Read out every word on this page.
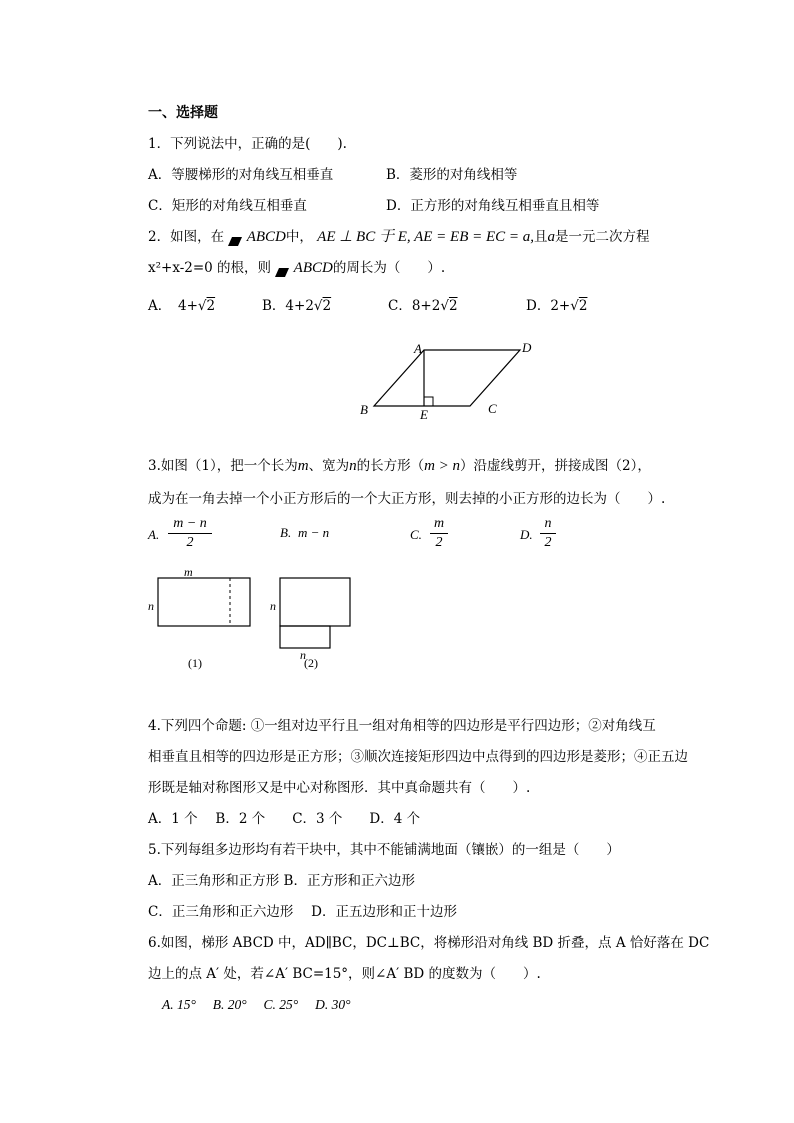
一、选择题
1．下列说法中，正确的是(　　).
A．等腰梯形的对角线互相垂直	B．菱形的对角线相等
C．矩形的对角线互相垂直	D．正方形的对角线互相垂直且相等
2．如图，在 ABCD中， AE ⊥ BC 于 E, AE = EB = EC = a,且a是一元二次方程
x²+x-2=0 的根，则 ABCD的周长为（　　）.
A．　4+√2	B．4+2√2	C．8+2√2	D．2+√2
A	D
B	E	C
3.如图（1），把一个长为m、宽为n的长方形（m > n）沿虚线剪开，拼接成图（2），
成为在一角去掉一个小正方形后的一个大正方形，则去掉的小正方形的边长为（　　）.
A.
m − n
2
B. m − n	C.
m
2
D.
n
2
m
n
(1)
n
n
(2)
4.下列四个命题: ①一组对边平行且一组对角相等的四边形是平行四边形；②对角线互
相垂直且相等的四边形是正方形；③顺次连接矩形四边中点得到的四边形是菱形；④正五边
形既是轴对称图形又是中心对称图形．其中真命题共有（　　）.
A．1 个　 B．2 个　　C．3 个　　D．4 个
5.下列每组多边形均有若干块中，其中不能铺满地面（镶嵌）的一组是（　　）
A．正三角形和正方形 B．正方形和正六边形
C．正三角形和正六边形　 D．正五边形和正十边形
6.如图，梯形 ABCD 中，AD∥BC，DC⊥BC，将梯形沿对角线 BD 折叠，点 A 恰好落在 DC
边上的点 A′ 处，若∠A′ BC=15°，则∠A′ BD 的度数为（　　）.
A. 15°　 B. 20°　 C. 25°　 D. 30°
